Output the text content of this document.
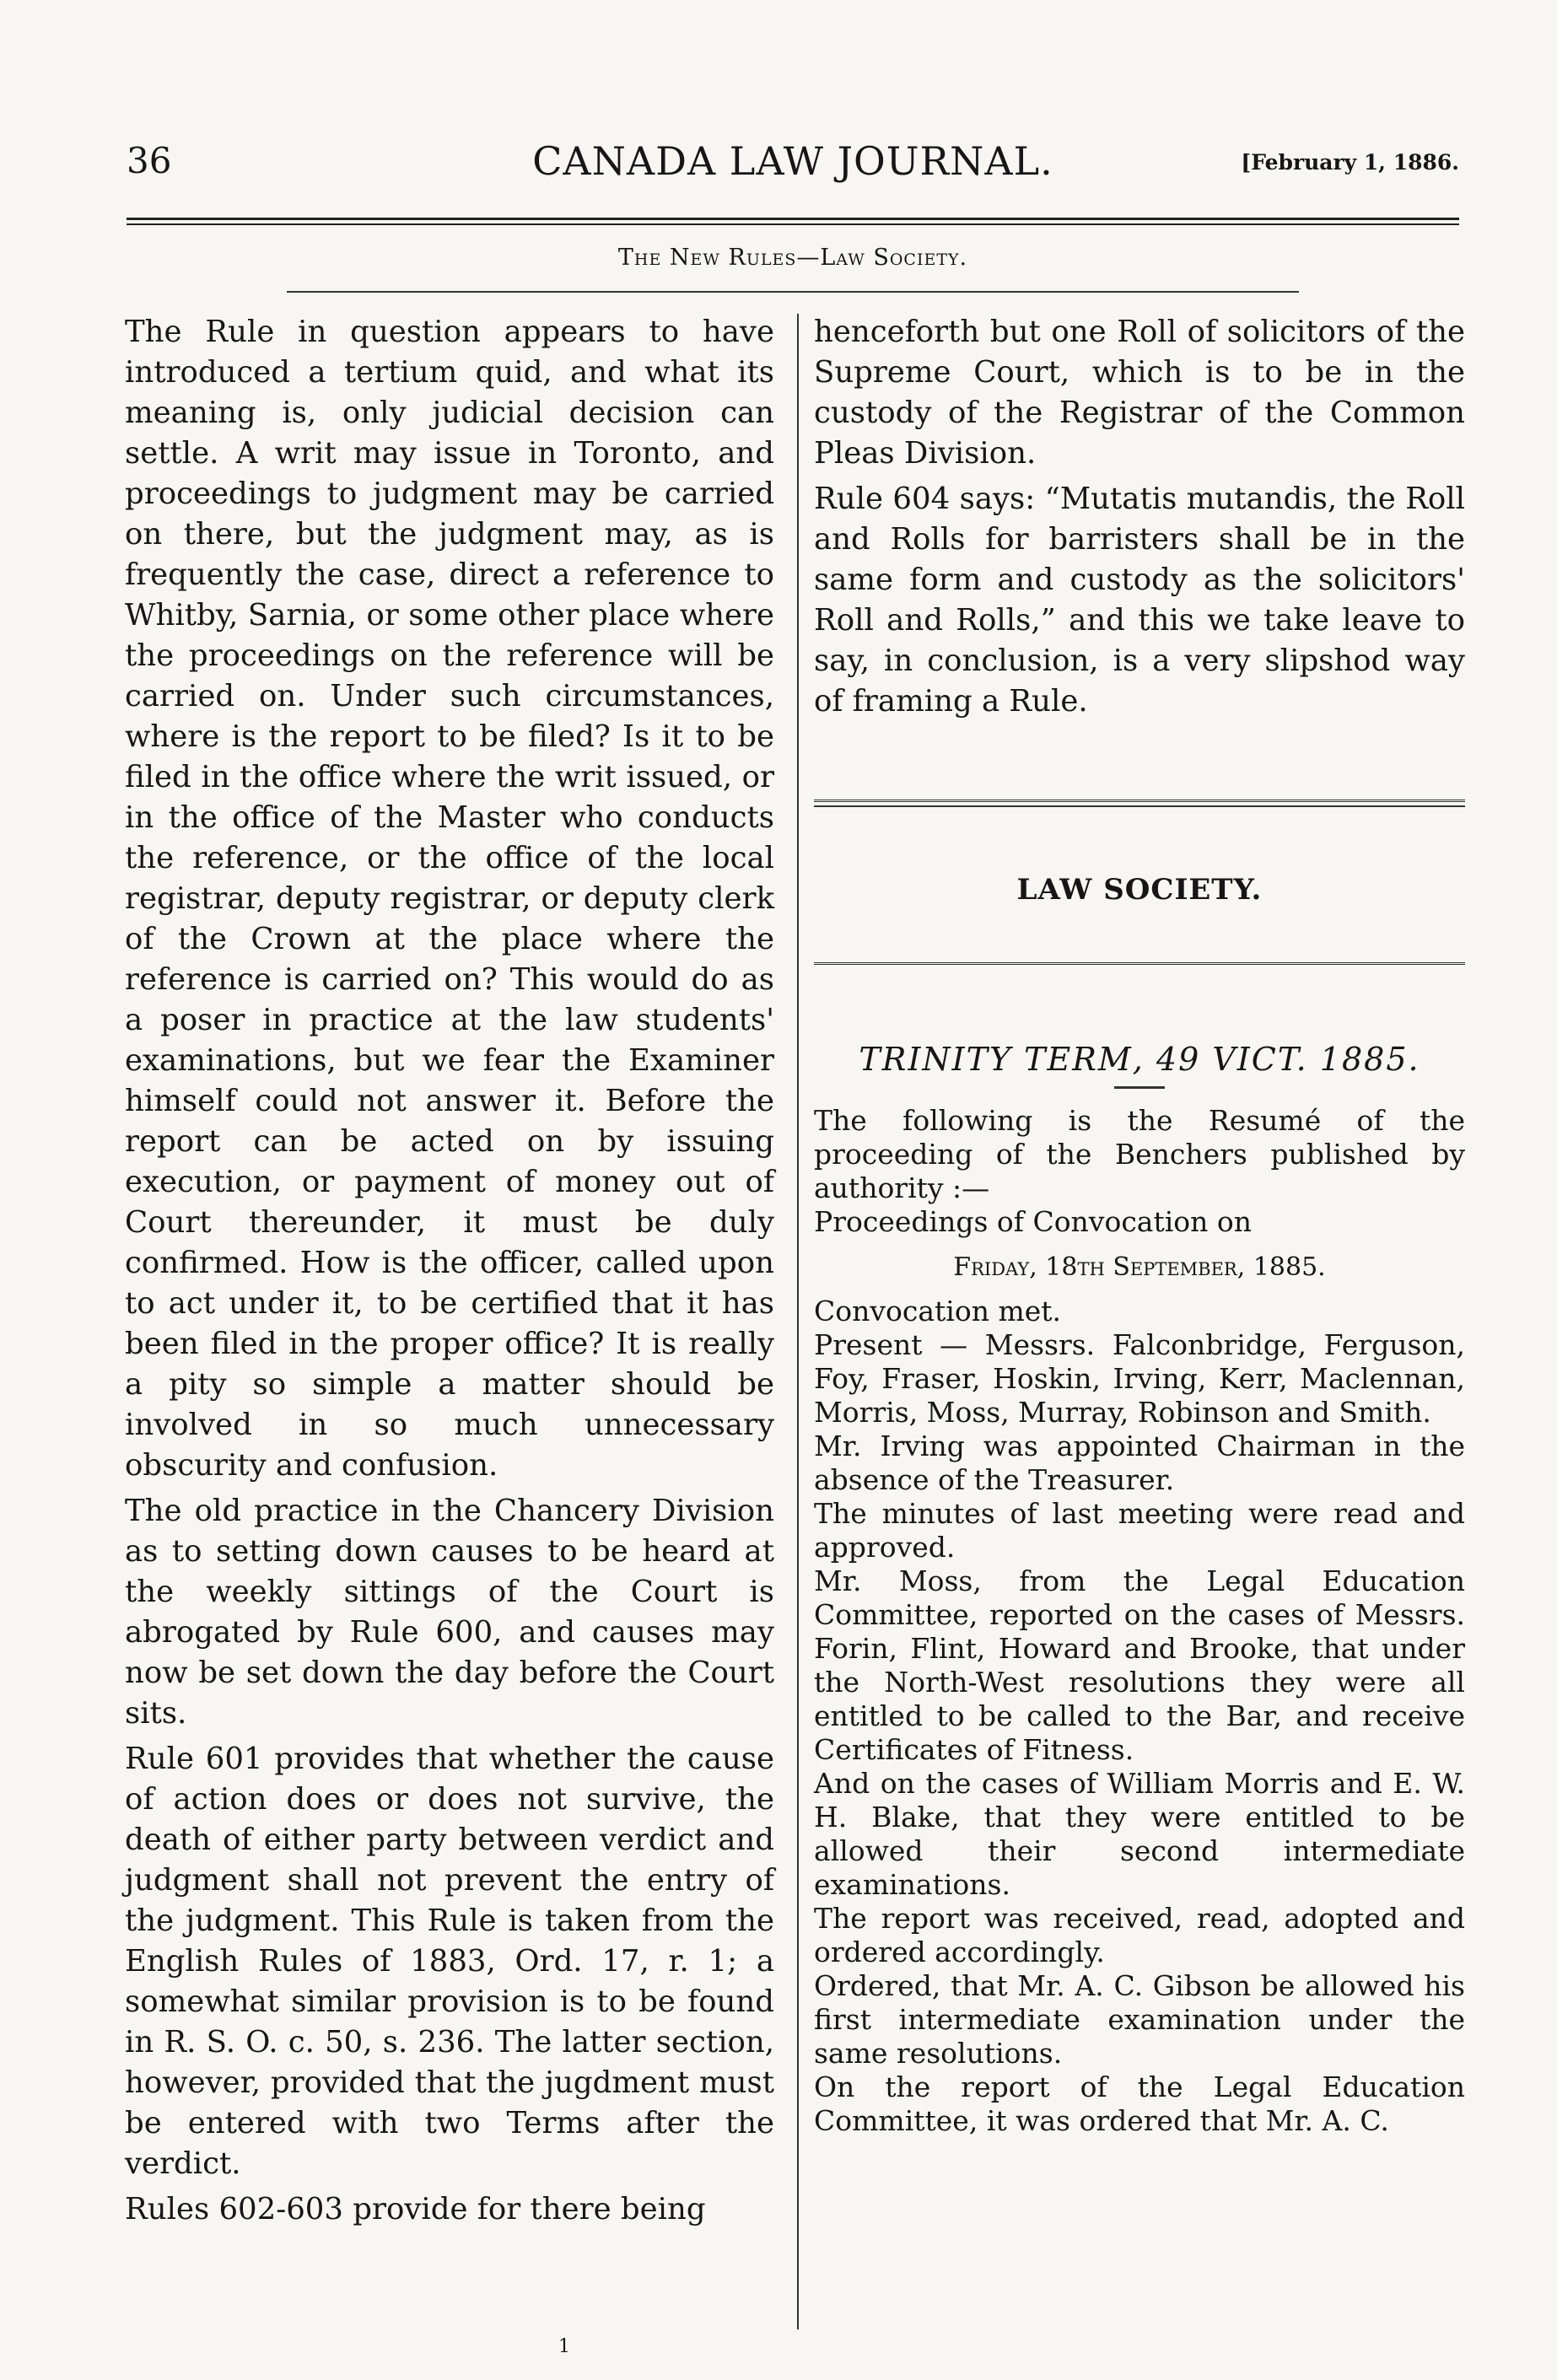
36	CANADA LAW JOURNAL.	[February 1, 1886.
The New Rules—Law Society.

The Rule in question appears to have introduced a tertium quid, and what its meaning is, only judicial decision can settle. A writ may issue in Toronto, and proceedings to judgment may be carried on there, but the judgment may, as is frequently the case, direct a reference to Whitby, Sarnia, or some other place where the proceedings on the reference will be carried on. Under such circumstances, where is the report to be filed? Is it to be filed in the office where the writ issued, or in the office of the Master who conducts the reference, or the office of the local registrar, deputy registrar, or deputy clerk of the Crown at the place where the reference is carried on? This would do as a poser in practice at the law students' examinations, but we fear the Examiner himself could not answer it. Before the report can be acted on by issuing execution, or payment of money out of Court thereunder, it must be duly confirmed. How is the officer, called upon to act under it, to be certified that it has been filed in the proper office? It is really a pity so simple a matter should be involved in so much unnecessary obscurity and confusion.

The old practice in the Chancery Division as to setting down causes to be heard at the weekly sittings of the Court is abrogated by Rule 600, and causes may now be set down the day before the Court sits.

Rule 601 provides that whether the cause of action does or does not survive, the death of either party between verdict and judgment shall not prevent the entry of the judgment. This Rule is taken from the English Rules of 1883, Ord. 17, r. 1; a somewhat similar provision is to be found in R. S. O. c. 50, s. 236. The latter section, however, provided that the jugdment must be entered with two Terms after the verdict.

Rules 602-603 provide for there being

henceforth but one Roll of solicitors of the Supreme Court, which is to be in the custody of the Registrar of the Common Pleas Division.

Rule 604 says: “Mutatis mutandis, the Roll and Rolls for barristers shall be in the same form and custody as the solicitors' Roll and Rolls,” and this we take leave to say, in conclusion, is a very slipshod way of framing a Rule.

LAW SOCIETY.

TRINITY TERM, 49 VICT. 1885.

The following is the Resumé of the proceeding of the Benchers published by authority :—

Proceedings of Convocation on

Friday, 18th September, 1885.

Convocation met.

Present — Messrs. Falconbridge, Ferguson, Foy, Fraser, Hoskin, Irving, Kerr, Maclennan, Morris, Moss, Murray, Robinson and Smith.

Mr. Irving was appointed Chairman in the absence of the Treasurer.

The minutes of last meeting were read and approved.

Mr. Moss, from the Legal Education Committee, reported on the cases of Messrs. Forin, Flint, Howard and Brooke, that under the North-West resolutions they were all entitled to be called to the Bar, and receive Certificates of Fitness.

And on the cases of William Morris and E. W. H. Blake, that they were entitled to be allowed their second intermediate examinations.

The report was received, read, adopted and ordered accordingly.

Ordered, that Mr. A. C. Gibson be allowed his first intermediate examination under the same resolutions.

On the report of the Legal Education Committee, it was ordered that Mr. A. C.

1
